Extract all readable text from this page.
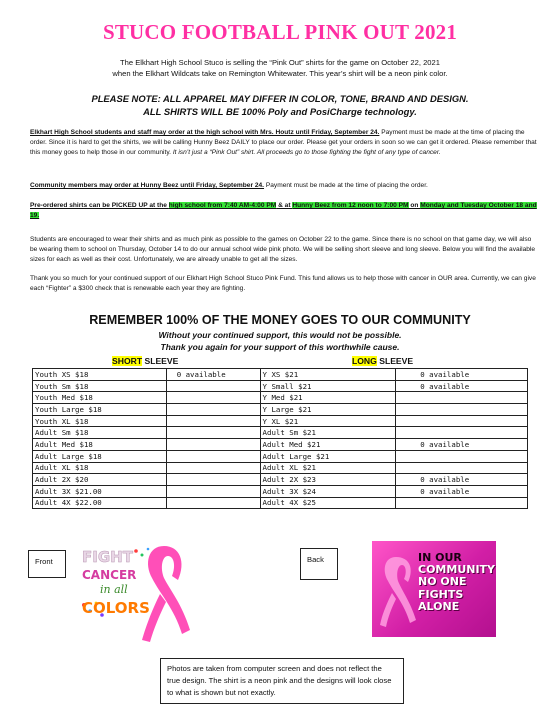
STUCO FOOTBALL PINK OUT 2021
The Elkhart High School Stuco is selling the “Pink Out” shirts for the game on October 22, 2021
when the Elkhart Wildcats take on Remington Whitewater. This year’s shirt will be a neon pink color.
PLEASE NOTE: ALL APPAREL MAY DIFFER IN COLOR, TONE, BRAND AND DESIGN.
ALL SHIRTS WILL BE 100% Poly and PosiCharge technology.
Elkhart High School students and staff may order at the high school with Mrs. Houtz until Friday, September 24. Payment must be made at the time of placing the order. Since it is hard to get the shirts, we will be calling Hunny Beez DAILY to place our order. Please get your orders in soon so we can get it ordered. Please remember that this money goes to help those in our community. It isn’t just a “Pink Out” shirt. All proceeds go to those fighting the fight of any type of cancer.
Community members may order at Hunny Beez until Friday, September 24. Payment must be made at the time of placing the order.
Pre-ordered shirts can be PICKED UP at the high school from 7:40 AM-4:00 PM & at Hunny Beez from 12 noon to 7:00 PM on Monday and Tuesday October 18 and 19.
Students are encouraged to wear their shirts and as much pink as possible to the games on October 22 to the game. Since there is no school on that game day, we will also be wearing them to school on Thursday, October 14 to do our annual school wide pink photo. We will be selling short sleeve and long sleeve. Below you will find the available sizes for each as well as their cost. Unfortunately, we are already unable to get all the sizes.
Thank you so much for your continued support of our Elkhart High School Stuco Pink Fund. This fund allows us to help those with cancer in OUR area. Currently, we can give each “Fighter” a $300 check that is renewable each year they are fighting.
REMEMBER 100% OF THE MONEY GOES TO OUR COMMUNITY
Without your continued support, this would not be possible.
Thank you again for your support of this worthwhile cause.
SHORT SLEEVE	LONG SLEEVE
Youth XS $18	0 available	Y XS $21	0 available
Youth Sm $18		Y Small $21	0 available
Youth Med $18		Y Med $21	
Youth Large $18		Y Large $21	
Youth XL $18		Y XL $21	
Adult Sm $18		Adult Sm $21	
Adult Med $18		Adult Med $21	0 available
Adult Large $18		Adult Large $21	
Adult XL $18		Adult XL $21	
Adult 2X $20		Adult 2X $23	0 available
Adult 3X $21.00		Adult 3X $24	0 available
Adult 4X $22.00		Adult 4X $25	
Front	Back
FIGHT
CANCER
in all
COLORS
IN OUR
COMMUNITY
NO ONE
FIGHTS
ALONE
Photos are taken from computer screen and does not reflect the true design. The shirt is a neon pink and the designs will look close to what is shown but not exactly.
